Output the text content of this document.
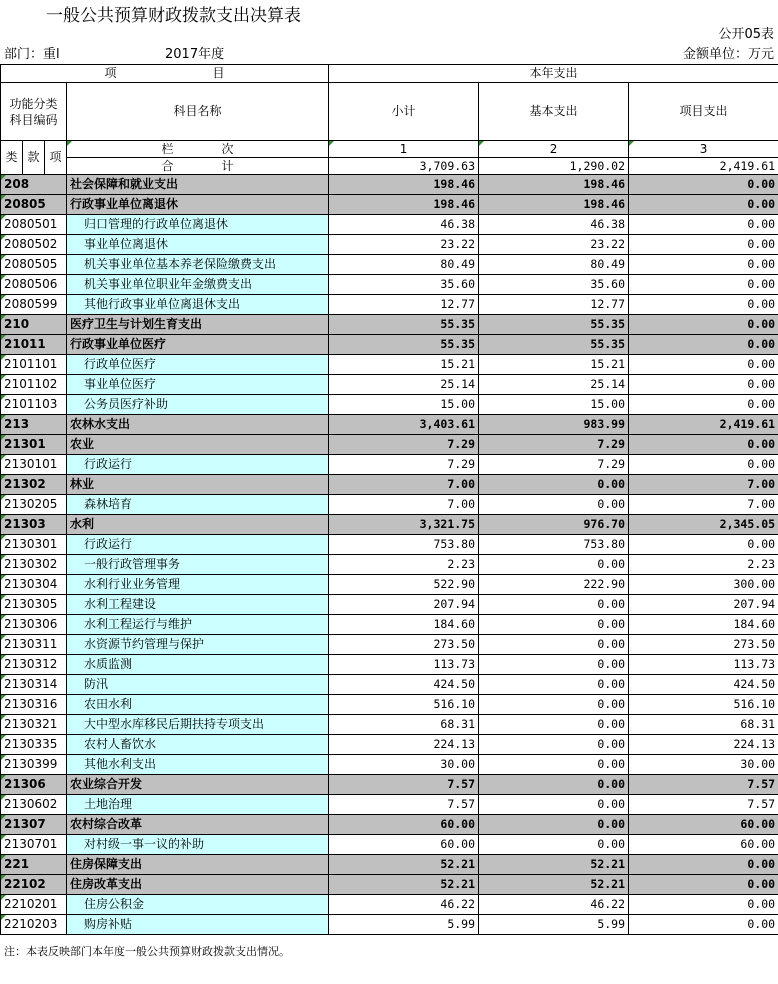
一般公共预算财政拨款支出决算表
公开05表
部门：重l	2017年度	金额单位：万元
项　　　　　　　　目				本年支出		
功能分类
科目编码			科目名称	小计	基本支出	项目支出
类	款	项				

栏　　　　次	1	2	3
			合　　　　计	3,709.63	1,290.02	2,419.61

208			社会保障和就业支出	198.46	198.46	0.00

20805			行政事业单位离退休	198.46	198.46	0.00

2080501			归口管理的行政单位离退休	46.38	46.38	0.00

2080502			事业单位离退休	23.22	23.22	0.00

2080505			机关事业单位基本养老保险缴费支出	80.49	80.49	0.00

2080506			机关事业单位职业年金缴费支出	35.60	35.60	0.00

2080599			其他行政事业单位离退休支出	12.77	12.77	0.00

210			医疗卫生与计划生育支出	55.35	55.35	0.00

21011			行政事业单位医疗	55.35	55.35	0.00

2101101			行政单位医疗	15.21	15.21	0.00

2101102			事业单位医疗	25.14	25.14	0.00

2101103			公务员医疗补助	15.00	15.00	0.00

213			农林水支出	3,403.61	983.99	2,419.61

21301			农业	7.29	7.29	0.00

2130101			行政运行	7.29	7.29	0.00

21302			林业	7.00	0.00	7.00

2130205			森林培育	7.00	0.00	7.00

21303			水利	3,321.75	976.70	2,345.05

2130301			行政运行	753.80	753.80	0.00

2130302			一般行政管理事务	2.23	0.00	2.23

2130304			水利行业业务管理	522.90	222.90	300.00

2130305			水利工程建设	207.94	0.00	207.94

2130306			水利工程运行与维护	184.60	0.00	184.60

2130311			水资源节约管理与保护	273.50	0.00	273.50

2130312			水质监测	113.73	0.00	113.73

2130314			防汛	424.50	0.00	424.50

2130316			农田水利	516.10	0.00	516.10

2130321			大中型水库移民后期扶持专项支出	68.31	0.00	68.31

2130335			农村人畜饮水	224.13	0.00	224.13

2130399			其他水利支出	30.00	0.00	30.00

21306			农业综合开发	7.57	0.00	7.57

2130602			土地治理	7.57	0.00	7.57

21307			农村综合改革	60.00	0.00	60.00

2130701			对村级一事一议的补助	60.00	0.00	60.00

221			住房保障支出	52.21	52.21	0.00

22102			住房改革支出	52.21	52.21	0.00

2210201			住房公积金	46.22	46.22	0.00

2210203			购房补贴	5.99	5.99	0.00
注：本表反映部门本年度一般公共预算财政拨款支出情况。
